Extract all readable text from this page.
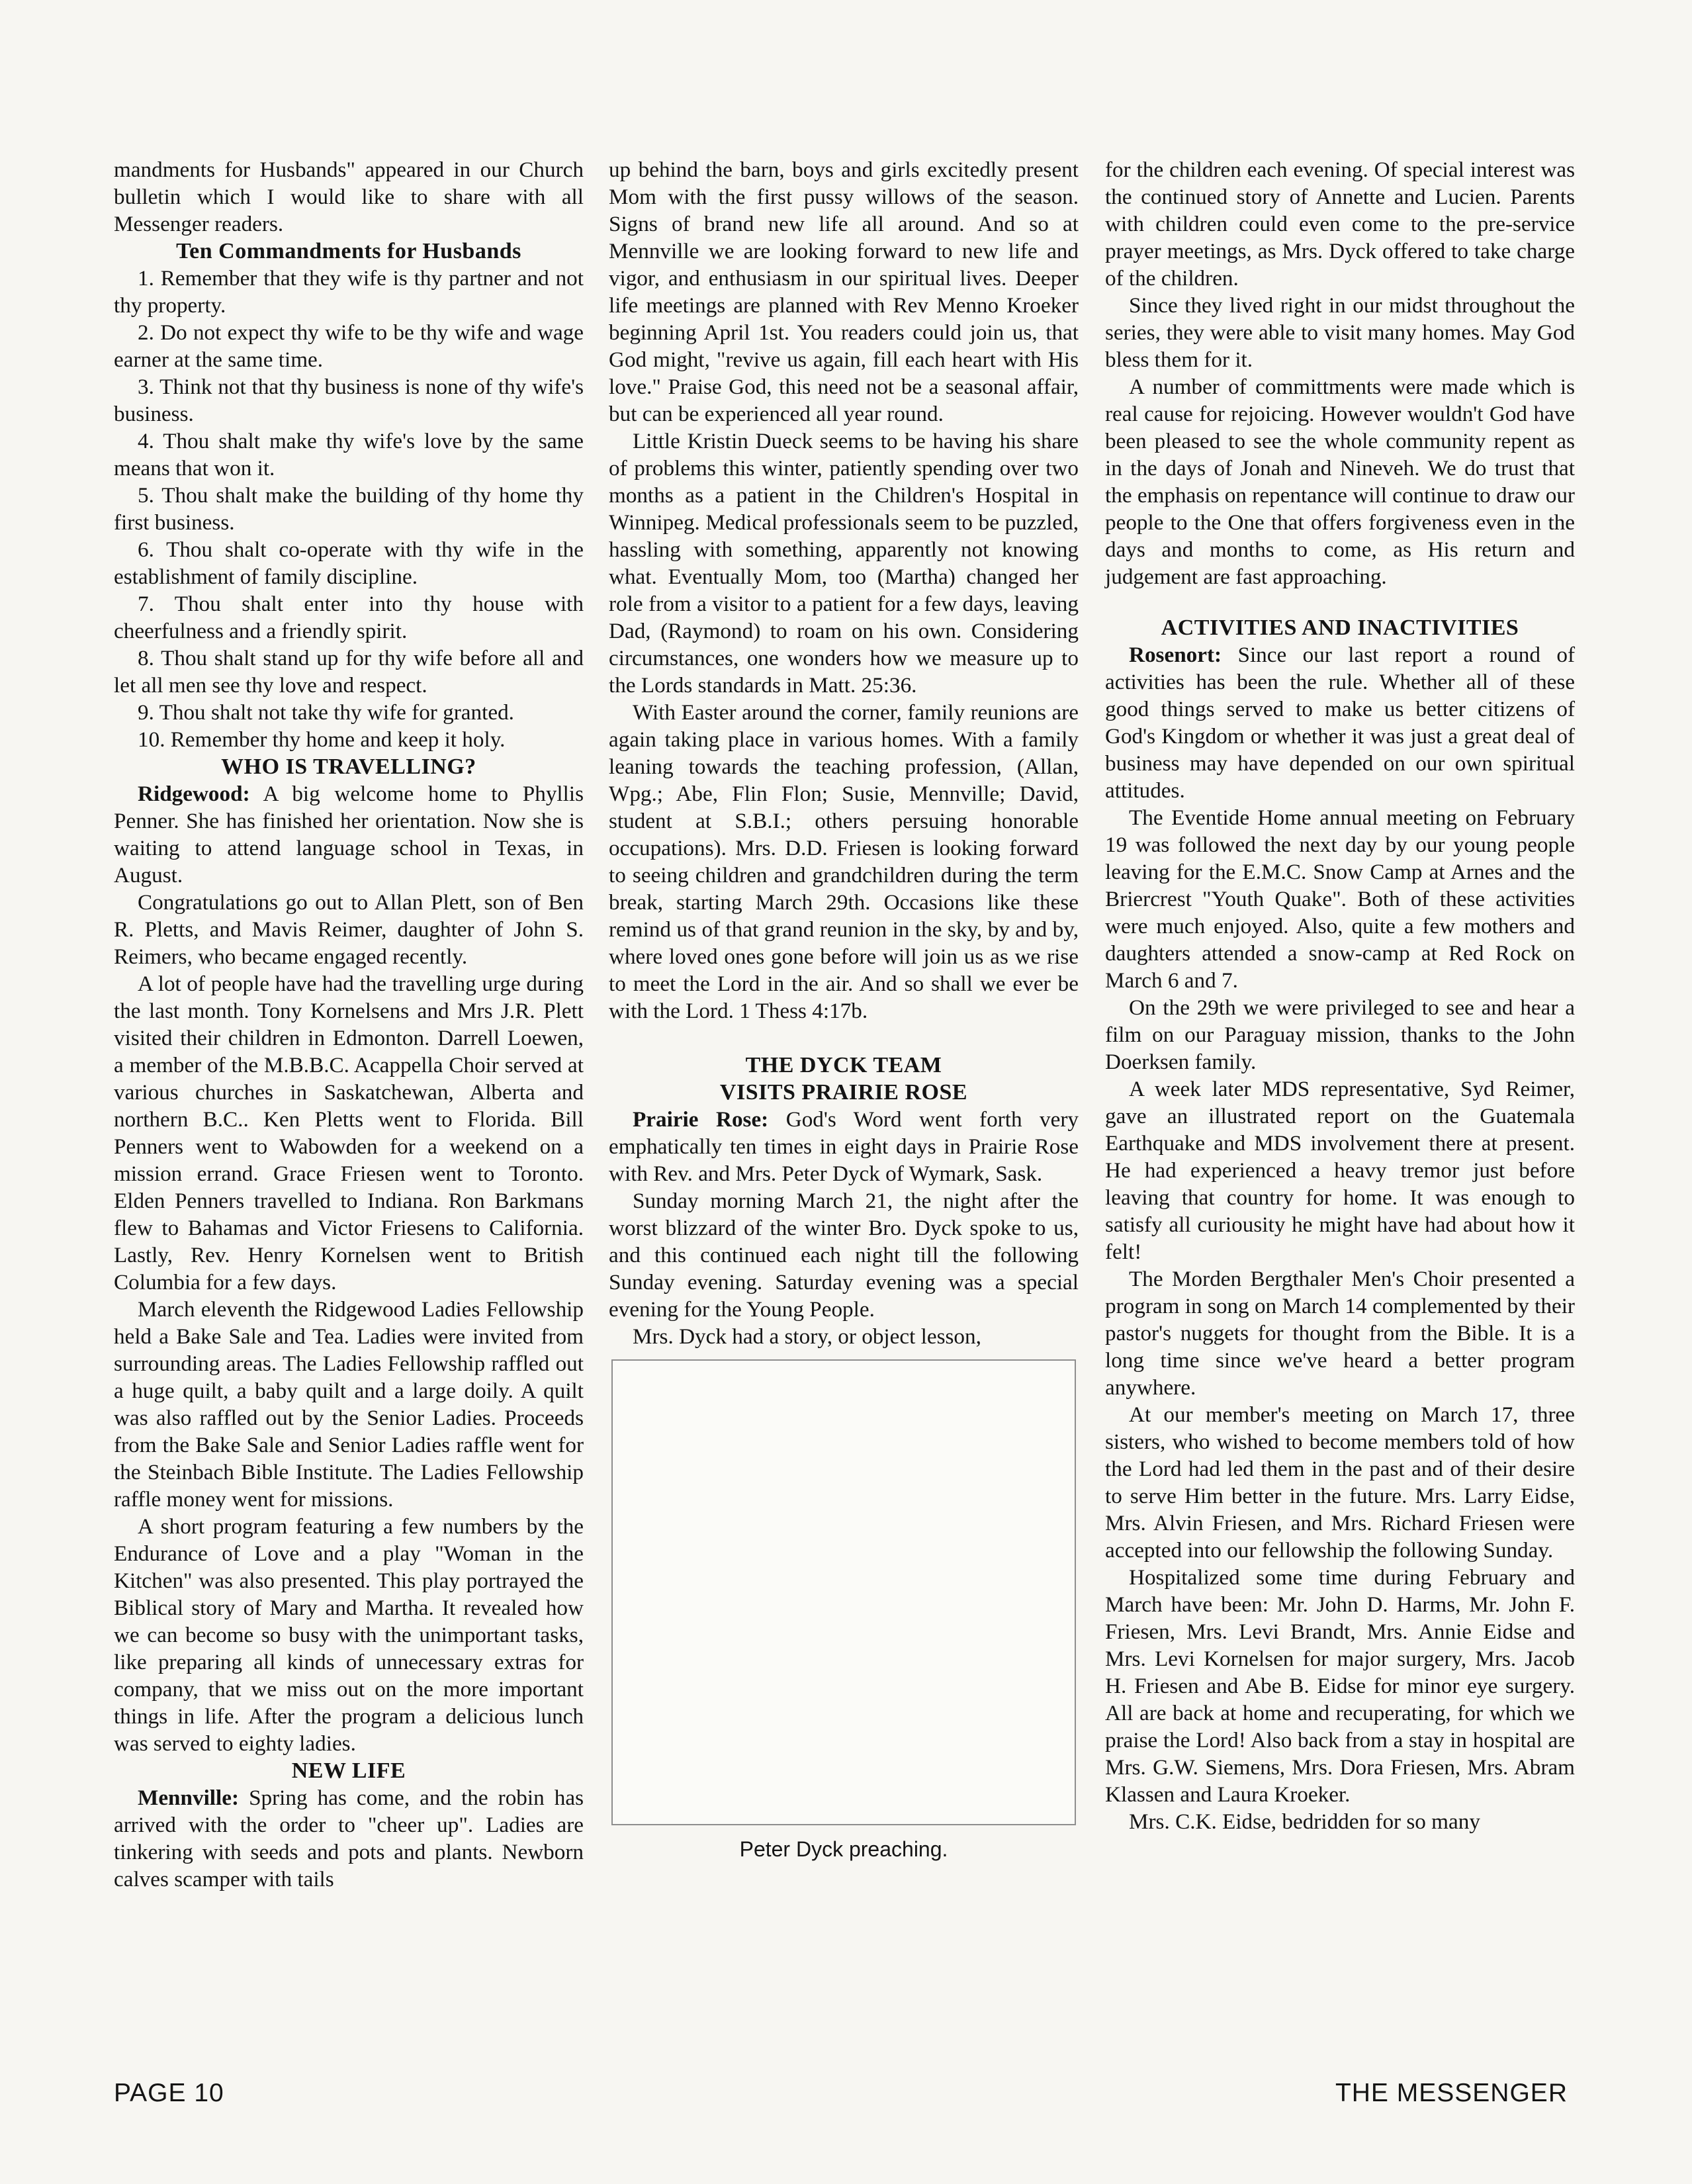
mandments for Husbands" appeared in our Church bulletin which I would like to share with all Messenger readers.

Ten Commandments for Husbands

1. Remember that they wife is thy partner and not thy property.

2. Do not expect thy wife to be thy wife and wage earner at the same time.

3. Think not that thy business is none of thy wife's business.

4. Thou shalt make thy wife's love by the same means that won it.

5. Thou shalt make the building of thy home thy first business.

6. Thou shalt co-operate with thy wife in the establishment of family discipline.

7. Thou shalt enter into thy house with cheerfulness and a friendly spirit.

8. Thou shalt stand up for thy wife before all and let all men see thy love and respect.

9. Thou shalt not take thy wife for granted.

10. Remember thy home and keep it holy.

WHO IS TRAVELLING?

Ridgewood: A big welcome home to Phyllis Penner. She has finished her orientation. Now she is waiting to attend language school in Texas, in August.

Congratulations go out to Allan Plett, son of Ben R. Pletts, and Mavis Reimer, daughter of John S. Reimers, who became engaged recently.

A lot of people have had the travelling urge during the last month. Tony Kornelsens and Mrs J.R. Plett visited their children in Edmonton. Darrell Loewen, a member of the M.B.B.C. Acappella Choir served at various churches in Saskatchewan, Alberta and northern B.C.. Ken Pletts went to Florida. Bill Penners went to Wabowden for a weekend on a mission errand. Grace Friesen went to Toronto. Elden Penners travelled to Indiana. Ron Barkmans flew to Bahamas and Victor Friesens to California. Lastly, Rev. Henry Kornelsen went to British Columbia for a few days.

March eleventh the Ridgewood Ladies Fellowship held a Bake Sale and Tea. Ladies were invited from surrounding areas. The Ladies Fellowship raffled out a huge quilt, a baby quilt and a large doily. A quilt was also raffled out by the Senior Ladies. Proceeds from the Bake Sale and Senior Ladies raffle went for the Steinbach Bible Institute. The Ladies Fellowship raffle money went for missions.

A short program featuring a few numbers by the Endurance of Love and a play "Woman in the Kitchen" was also presented. This play portrayed the Biblical story of Mary and Martha. It revealed how we can become so busy with the unimportant tasks, like preparing all kinds of unnecessary extras for company, that we miss out on the more important things in life. After the program a delicious lunch was served to eighty ladies.

NEW LIFE

Mennville: Spring has come, and the robin has arrived with the order to "cheer up". Ladies are tinkering with seeds and pots and plants. Newborn calves scamper with tails

up behind the barn, boys and girls excitedly present Mom with the first pussy willows of the season. Signs of brand new life all around. And so at Mennville we are looking forward to new life and vigor, and enthusiasm in our spiritual lives. Deeper life meetings are planned with Rev Menno Kroeker beginning April 1st. You readers could join us, that God might, "revive us again, fill each heart with His love." Praise God, this need not be a seasonal affair, but can be experienced all year round.

Little Kristin Dueck seems to be having his share of problems this winter, patiently spending over two months as a patient in the Children's Hospital in Winnipeg. Medical professionals seem to be puzzled, hassling with something, apparently not knowing what. Eventually Mom, too (Martha) changed her role from a visitor to a patient for a few days, leaving Dad, (Raymond) to roam on his own. Considering circumstances, one wonders how we measure up to the Lords standards in Matt. 25:36.

With Easter around the corner, family reunions are again taking place in various homes. With a family leaning towards the teaching profession, (Allan, Wpg.; Abe, Flin Flon; Susie, Mennville; David, student at S.B.I.; others persuing honorable occupations). Mrs. D.D. Friesen is looking forward to seeing children and grandchildren during the term break, starting March 29th. Occasions like these remind us of that grand reunion in the sky, by and by, where loved ones gone before will join us as we rise to meet the Lord in the air. And so shall we ever be with the Lord. 1 Thess 4:17b.

THE DYCK TEAM
VISITS PRAIRIE ROSE

Prairie Rose: God's Word went forth very emphatically ten times in eight days in Prairie Rose with Rev. and Mrs. Peter Dyck of Wymark, Sask.

Sunday morning March 21, the night after the worst blizzard of the winter Bro. Dyck spoke to us, and this continued each night till the following Sunday evening. Saturday evening was a special evening for the Young People.

Mrs. Dyck had a story, or object lesson,

Peter Dyck preaching.

for the children each evening. Of special interest was the continued story of Annette and Lucien. Parents with children could even come to the pre-service prayer meetings, as Mrs. Dyck offered to take charge of the children.

Since they lived right in our midst throughout the series, they were able to visit many homes. May God bless them for it.

A number of committments were made which is real cause for rejoicing. However wouldn't God have been pleased to see the whole community repent as in the days of Jonah and Nineveh. We do trust that the emphasis on repentance will continue to draw our people to the One that offers forgiveness even in the days and months to come, as His return and judgement are fast approaching.

ACTIVITIES AND INACTIVITIES

Rosenort: Since our last report a round of activities has been the rule. Whether all of these good things served to make us better citizens of God's Kingdom or whether it was just a great deal of business may have depended on our own spiritual attitudes.

The Eventide Home annual meeting on February 19 was followed the next day by our young people leaving for the E.M.C. Snow Camp at Arnes and the Briercrest "Youth Quake". Both of these activities were much enjoyed. Also, quite a few mothers and daughters attended a snow-camp at Red Rock on March 6 and 7.

On the 29th we were privileged to see and hear a film on our Paraguay mission, thanks to the John Doerksen family.

A week later MDS representative, Syd Reimer, gave an illustrated report on the Guatemala Earthquake and MDS involvement there at present. He had experienced a heavy tremor just before leaving that country for home. It was enough to satisfy all curiousity he might have had about how it felt!

The Morden Bergthaler Men's Choir presented a program in song on March 14 complemented by their pastor's nuggets for thought from the Bible. It is a long time since we've heard a better program anywhere.

At our member's meeting on March 17, three sisters, who wished to become members told of how the Lord had led them in the past and of their desire to serve Him better in the future. Mrs. Larry Eidse, Mrs. Alvin Friesen, and Mrs. Richard Friesen were accepted into our fellowship the following Sunday.

Hospitalized some time during February and March have been: Mr. John D. Harms, Mr. John F. Friesen, Mrs. Levi Brandt, Mrs. Annie Eidse and Mrs. Levi Kornelsen for major surgery, Mrs. Jacob H. Friesen and Abe B. Eidse for minor eye surgery. All are back at home and recuperating, for which we praise the Lord! Also back from a stay in hospital are Mrs. G.W. Siemens, Mrs. Dora Friesen, Mrs. Abram Klassen and Laura Kroeker.

Mrs. C.K. Eidse, bedridden for so many

PAGE 10	THE MESSENGER
